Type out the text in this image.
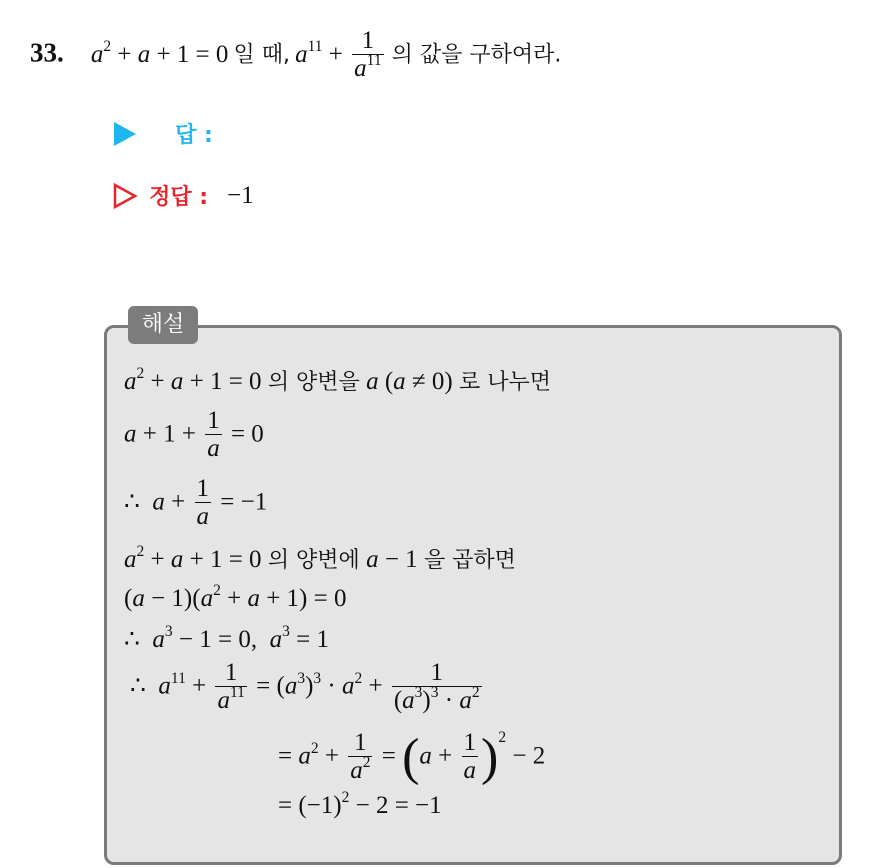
33. $a^2 + a + 1 = 0$ 일 때, $a^{11} + \frac{1}{a^{11}}$ 의 값을 구하여라.
답 :
정답 : −1
해설
$a^2 + a + 1 = 0$ 의 양변을 a (a ≠ 0) 로 나누면
$a + 1 + \frac{1}{a} = 0$
∴  $a + \frac{1}{a} = -1$
$a^2 + a + 1 = 0$ 의 양변에 a − 1 을 곱하면
$(a - 1)(a^2 + a + 1) = 0$
∴  $a^3 - 1 = 0$,  $a^3 = 1$
∴  $a^{11} + \frac{1}{a^{11}} = (a^3)^3 \cdot a^2 + \frac{1}{(a^3)^3 \cdot a^2}$
= $a^2 + \frac{1}{a^2} = (a + \frac{1}{a} )^2 - 2$
= $(-1)^2 - 2 = -1$
